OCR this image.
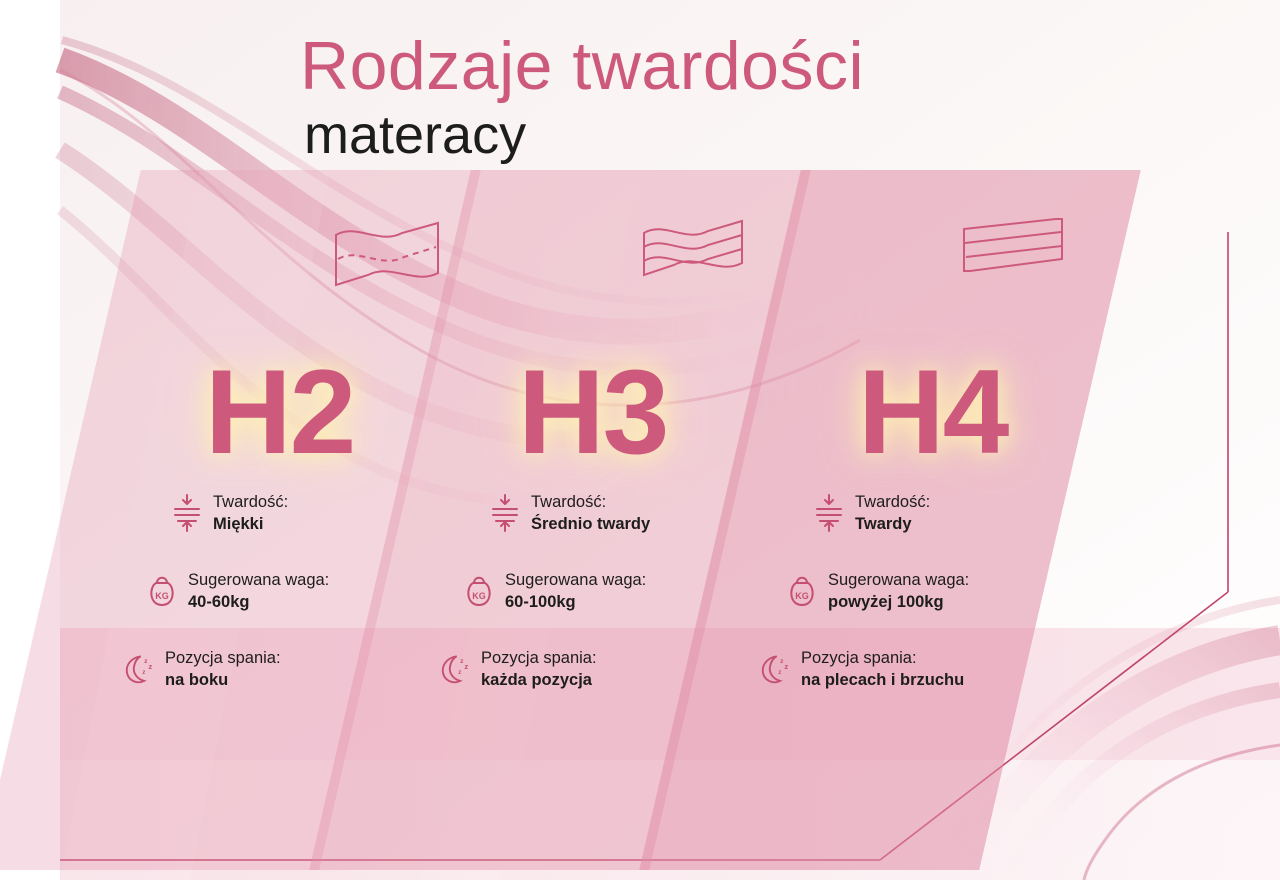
Rodzaje twardości
materacy
H2
Twardość:
Miękki
KG
Sugerowana waga:
40-60kg
z
z
z
Pozycja spania:
na boku
H3
Twardość:
Średnio twardy
KG
Sugerowana waga:
60-100kg
z
z
z
Pozycja spania:
każda pozycja
H4
Twardość:
Twardy
KG
Sugerowana waga:
powyżej 100kg
z
z
z
Pozycja spania:
na plecach i brzuchu
